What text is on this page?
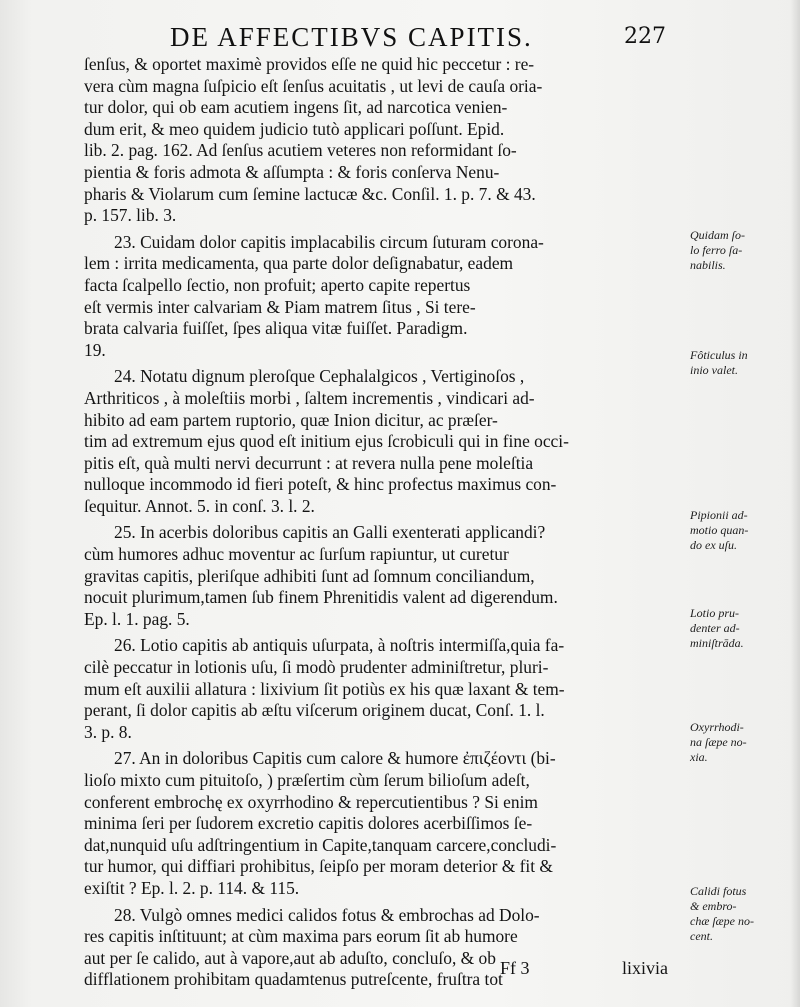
DE AFFECTIBVS CAPITIS.	227
ſenſus, & oportet maximè providos eſſe ne quid hic peccetur : re-
vera cùm magna ſuſpicio eſt ſenſus acuitatis , ut levi de cauſa oria-
tur dolor, qui ob eam acutiem ingens ſit, ad narcotica venien-
dum erit, & meo quidem judicio tutò applicari poſſunt. Epid.
lib. 2. pag. 162. Ad ſenſus acutiem veteres non reformidant ſo-
pientia & foris admota & aſſumpta : & foris conſerva Nenu-
pharis & Violarum cum ſemine lactucæ &c. Conſil. 1. p. 7. & 43.
p. 157. lib. 3.
23. Cuidam dolor capitis implacabilis circum ſuturam corona-
lem : irrita medicamenta, qua parte dolor deſignabatur, eadem
facta ſcalpello ſectio, non profuit; aperto capite repertus
eſt vermis inter calvariam & Piam matrem ſitus , Si tere-
brata calvaria fuiſſet, ſpes aliqua vitæ fuiſſet. Paradigm.
19.
24. Notatu dignum pleroſque Cephalalgicos , Vertiginoſos ,
Arthriticos , à moleſtiis morbi , ſaltem incrementis , vindicari ad-
hibito ad eam partem ruptorio, quæ Inion dicitur, ac præſer-
tim ad extremum ejus quod eſt initium ejus ſcrobiculi qui in fine occi-
pitis eſt, quà multi nervi decurrunt : at revera nulla pene moleſtia
nulloque incommodo id fieri poteſt, & hinc profectus maximus con-
ſequitur. Annot. 5. in conſ. 3. l. 2.
25. In acerbis doloribus capitis an Galli exenterati applicandi?
cùm humores adhuc moventur ac ſurſum rapiuntur, ut curetur
gravitas capitis, pleriſque adhibiti ſunt ad ſomnum conciliandum,
nocuit plurimum,tamen ſub finem Phrenitidis valent ad digerendum.
Ep. l. 1. pag. 5.
26. Lotio capitis ab antiquis uſurpata, à noſtris intermiſſa,quia fa-
cilè peccatur in lotionis uſu, ſi modò prudenter adminiſtretur, pluri-
mum eſt auxilii allatura : lixivium ſit potiùs ex his quæ laxant & tem-
perant, ſi dolor capitis ab æſtu viſcerum originem ducat, Conſ. 1. l.
3. p. 8.
27. An in doloribus Capitis cum calore & humore ἐπιζέοντι (bi-
lioſo mixto cum pituitoſo, ) præſertim cùm ſerum bilioſum adeſt,
conferent embrochę ex oxyrrhodino & repercutientibus ? Si enim
minima ſeri per ſudorem excretio capitis dolores acerbiſſimos ſe-
dat,nunquid uſu adſtringentium in Capite,tanquam carcere,concludi-
tur humor, qui diffiari prohibitus, ſeipſo per moram deterior & fit &
exiſtit ? Ep. l. 2. p. 114. & 115.
28. Vulgò omnes medici calidos fotus & embrochas ad Dolo-
res capitis inſtituunt; at cùm maxima pars eorum ſit ab humore
aut per ſe calido, aut à vapore,aut ab aduſto, concluſo, & ob
difflationem prohibitam quadamtenus putreſcente, fruſtra tot
Quidam ſo-
lo ferro ſa-
nabilis.
Fôticulus in
inio valet.
Pipionii ad-
motio quan-
do ex uſu.
Lotio pru-
denter ad-
miniſtrāda.
Oxyrrhodi-
na ſæpe no-
xia.
Calidi fotus
& embro-
chæ ſæpe no-
cent.
Ff 3	lixivia
